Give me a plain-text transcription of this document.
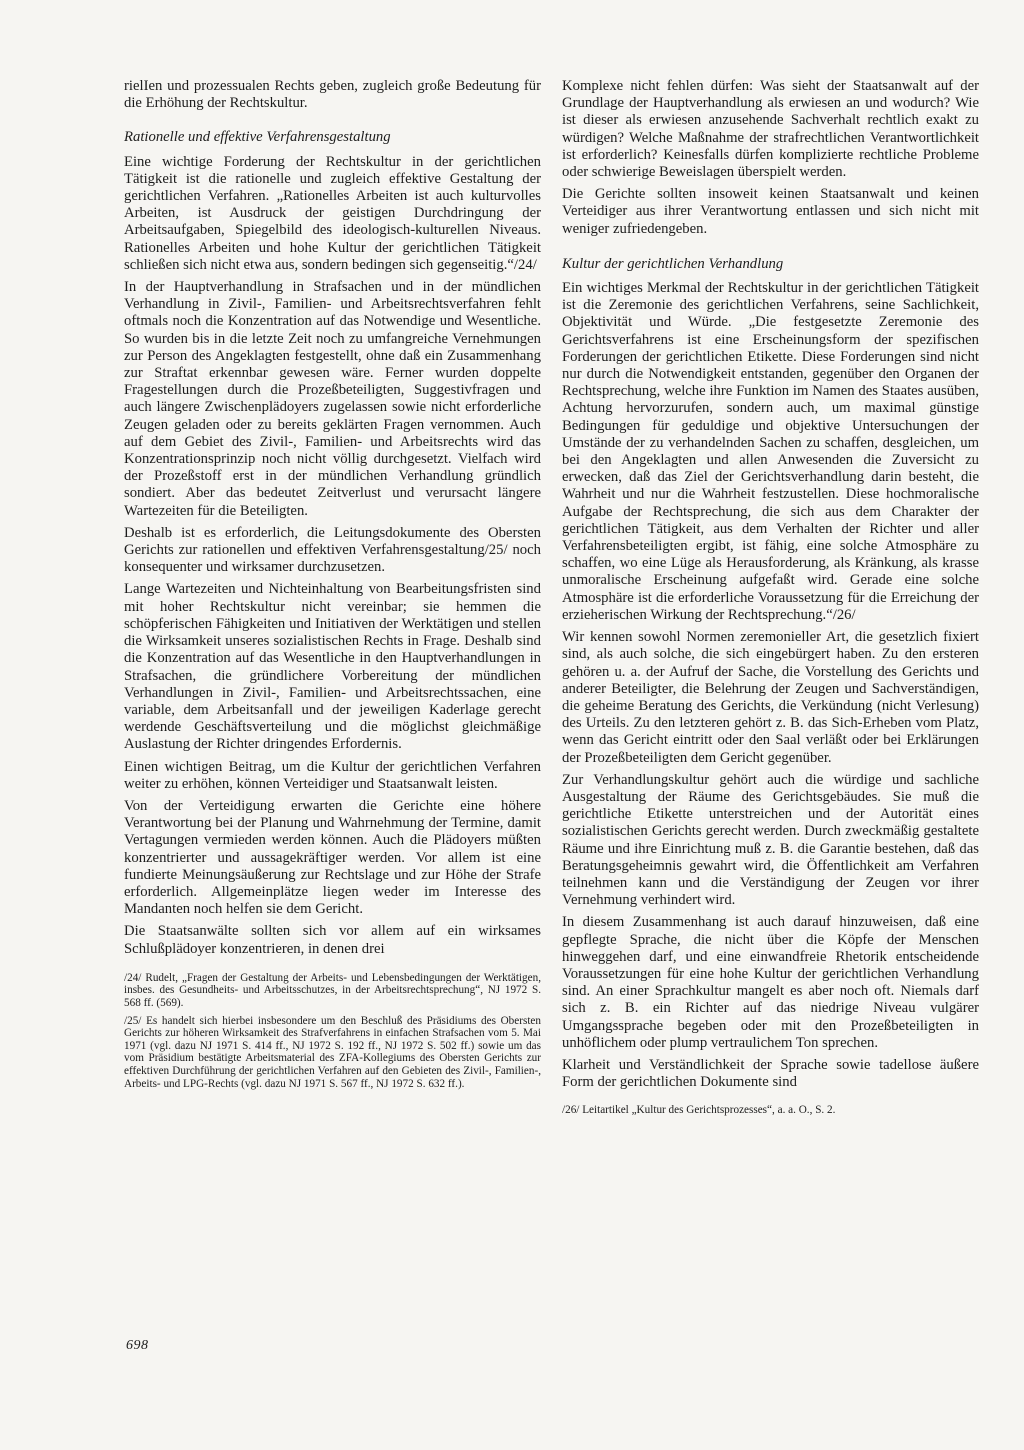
rielIen und prozessualen Rechts geben, zugleich große Bedeutung für die Erhöhung der Rechtskultur.

Rationelle und effektive Verfahrensgestaltung

Eine wichtige Forderung der Rechtskultur in der gerichtlichen Tätigkeit ist die rationelle und zugleich effektive Gestaltung der gerichtlichen Verfahren. „Rationelles Arbeiten ist auch kulturvolles Arbeiten, ist Ausdruck der geistigen Durchdringung der Arbeitsaufgaben, Spiegelbild des ideologisch-kulturellen Niveaus. Rationelles Arbeiten und hohe Kultur der gerichtlichen Tätigkeit schließen sich nicht etwa aus, sondern bedingen sich gegenseitig.“/24/

In der Hauptverhandlung in Strafsachen und in der mündlichen Verhandlung in Zivil-, Familien- und Arbeitsrechtsverfahren fehlt oftmals noch die Konzentration auf das Notwendige und Wesentliche. So wurden bis in die letzte Zeit noch zu umfangreiche Vernehmungen zur Person des Angeklagten festgestellt, ohne daß ein Zusammenhang zur Straftat erkennbar gewesen wäre. Ferner wurden doppelte Fragestellungen durch die Prozeßbeteiligten, Suggestivfragen und auch längere Zwischenplädoyers zugelassen sowie nicht erforderliche Zeugen geladen oder zu bereits geklärten Fragen vernommen. Auch auf dem Gebiet des Zivil-, Familien- und Arbeitsrechts wird das Konzentrationsprinzip noch nicht völlig durchgesetzt. Vielfach wird der Prozeßstoff erst in der mündlichen Verhandlung gründlich sondiert. Aber das bedeutet Zeitverlust und verursacht längere Wartezeiten für die Beteiligten.

Deshalb ist es erforderlich, die Leitungsdokumente des Obersten Gerichts zur rationellen und effektiven Verfahrensgestaltung/25/ noch konsequenter und wirksamer durchzusetzen.

Lange Wartezeiten und Nichteinhaltung von Bearbeitungsfristen sind mit hoher Rechtskultur nicht vereinbar; sie hemmen die schöpferischen Fähigkeiten und Initiativen der Werktätigen und stellen die Wirksamkeit unseres sozialistischen Rechts in Frage. Deshalb sind die Konzentration auf das Wesentliche in den Hauptverhandlungen in Strafsachen, die gründlichere Vorbereitung der mündlichen Verhandlungen in Zivil-, Familien- und Arbeitsrechtssachen, eine variable, dem Arbeitsanfall und der jeweiligen Kaderlage gerecht werdende Geschäftsverteilung und die möglichst gleichmäßige Auslastung der Richter dringendes Erfordernis.

Einen wichtigen Beitrag, um die Kultur der gerichtlichen Verfahren weiter zu erhöhen, können Verteidiger und Staatsanwalt leisten.

Von der Verteidigung erwarten die Gerichte eine höhere Verantwortung bei der Planung und Wahrnehmung der Termine, damit Vertagungen vermieden werden können. Auch die Plädoyers müßten konzentrierter und aussagekräftiger werden. Vor allem ist eine fundierte Meinungsäußerung zur Rechtslage und zur Höhe der Strafe erforderlich. Allgemeinplätze liegen weder im Interesse des Mandanten noch helfen sie dem Gericht.

Die Staatsanwälte sollten sich vor allem auf ein wirksames Schlußplädoyer konzentrieren, in denen drei

/24/ Rudelt, „Fragen der Gestaltung der Arbeits- und Lebensbedingungen der Werktätigen, insbes. des Gesundheits- und Arbeitsschutzes, in der Arbeitsrechtsprechung“, NJ 1972 S. 568 ff. (569).

/25/ Es handelt sich hierbei insbesondere um den Beschluß des Präsidiums des Obersten Gerichts zur höheren Wirksamkeit des Strafverfahrens in einfachen Strafsachen vom 5. Mai 1971 (vgl. dazu NJ 1971 S. 414 ff., NJ 1972 S. 192 ff., NJ 1972 S. 502 ff.) sowie um das vom Präsidium bestätigte Arbeitsmaterial des ZFA-Kollegiums des Obersten Gerichts zur effektiven Durchführung der gerichtlichen Verfahren auf den Gebieten des Zivil-, Familien-, Arbeits- und LPG-Rechts (vgl. dazu NJ 1971 S. 567 ff., NJ 1972 S. 632 ff.).

Komplexe nicht fehlen dürfen: Was sieht der Staatsanwalt auf der Grundlage der Hauptverhandlung als erwiesen an und wodurch? Wie ist dieser als erwiesen anzusehende Sachverhalt rechtlich exakt zu würdigen? Welche Maßnahme der strafrechtlichen Verantwortlichkeit ist erforderlich? Keinesfalls dürfen komplizierte rechtliche Probleme oder schwierige Beweislagen überspielt werden.

Die Gerichte sollten insoweit keinen Staatsanwalt und keinen Verteidiger aus ihrer Verantwortung entlassen und sich nicht mit weniger zufriedengeben.

Kultur der gerichtlichen Verhandlung

Ein wichtiges Merkmal der Rechtskultur in der gerichtlichen Tätigkeit ist die Zeremonie des gerichtlichen Verfahrens, seine Sachlichkeit, Objektivität und Würde. „Die festgesetzte Zeremonie des Gerichtsverfahrens ist eine Erscheinungsform der spezifischen Forderungen der gerichtlichen Etikette. Diese Forderungen sind nicht nur durch die Notwendigkeit entstanden, gegenüber den Organen der Rechtsprechung, welche ihre Funktion im Namen des Staates ausüben, Achtung hervorzurufen, sondern auch, um maximal günstige Bedingungen für geduldige und objektive Untersuchungen der Umstände der zu verhandelnden Sachen zu schaffen, desgleichen, um bei den Angeklagten und allen Anwesenden die Zuversicht zu erwecken, daß das Ziel der Gerichtsverhandlung darin besteht, die Wahrheit und nur die Wahrheit festzustellen. Diese hochmoralische Aufgabe der Rechtsprechung, die sich aus dem Charakter der gerichtlichen Tätigkeit, aus dem Verhalten der Richter und aller Verfahrensbeteiligten ergibt, ist fähig, eine solche Atmosphäre zu schaffen, wo eine Lüge als Herausforderung, als Kränkung, als krasse unmoralische Erscheinung aufgefaßt wird. Gerade eine solche Atmosphäre ist die erforderliche Voraussetzung für die Erreichung der erzieherischen Wirkung der Rechtsprechung.“/26/

Wir kennen sowohl Normen zeremonieller Art, die gesetzlich fixiert sind, als auch solche, die sich eingebürgert haben. Zu den ersteren gehören u. a. der Aufruf der Sache, die Vorstellung des Gerichts und anderer Beteiligter, die Belehrung der Zeugen und Sachverständigen, die geheime Beratung des Gerichts, die Verkündung (nicht Verlesung) des Urteils. Zu den letzteren gehört z. B. das Sich-Erheben vom Platz, wenn das Gericht eintritt oder den Saal verläßt oder bei Erklärungen der Prozeßbeteiligten dem Gericht gegenüber.

Zur Verhandlungskultur gehört auch die würdige und sachliche Ausgestaltung der Räume des Gerichtsgebäudes. Sie muß die gerichtliche Etikette unterstreichen und der Autorität eines sozialistischen Gerichts gerecht werden. Durch zweckmäßig gestaltete Räume und ihre Einrichtung muß z. B. die Garantie bestehen, daß das Beratungsgeheimnis gewahrt wird, die Öffentlichkeit am Verfahren teilnehmen kann und die Verständigung der Zeugen vor ihrer Vernehmung verhindert wird.

In diesem Zusammenhang ist auch darauf hinzuweisen, daß eine gepflegte Sprache, die nicht über die Köpfe der Menschen hinweggehen darf, und eine einwandfreie Rhetorik entscheidende Voraussetzungen für eine hohe Kultur der gerichtlichen Verhandlung sind. An einer Sprachkultur mangelt es aber noch oft. Niemals darf sich z. B. ein Richter auf das niedrige Niveau vulgärer Umgangssprache begeben oder mit den Prozeßbeteiligten in unhöflichem oder plump vertraulichem Ton sprechen.

Klarheit und Verständlichkeit der Sprache sowie tadellose äußere Form der gerichtlichen Dokumente sind

/26/ Leitartikel „Kultur des Gerichtsprozesses“, a. a. O., S. 2.

698
